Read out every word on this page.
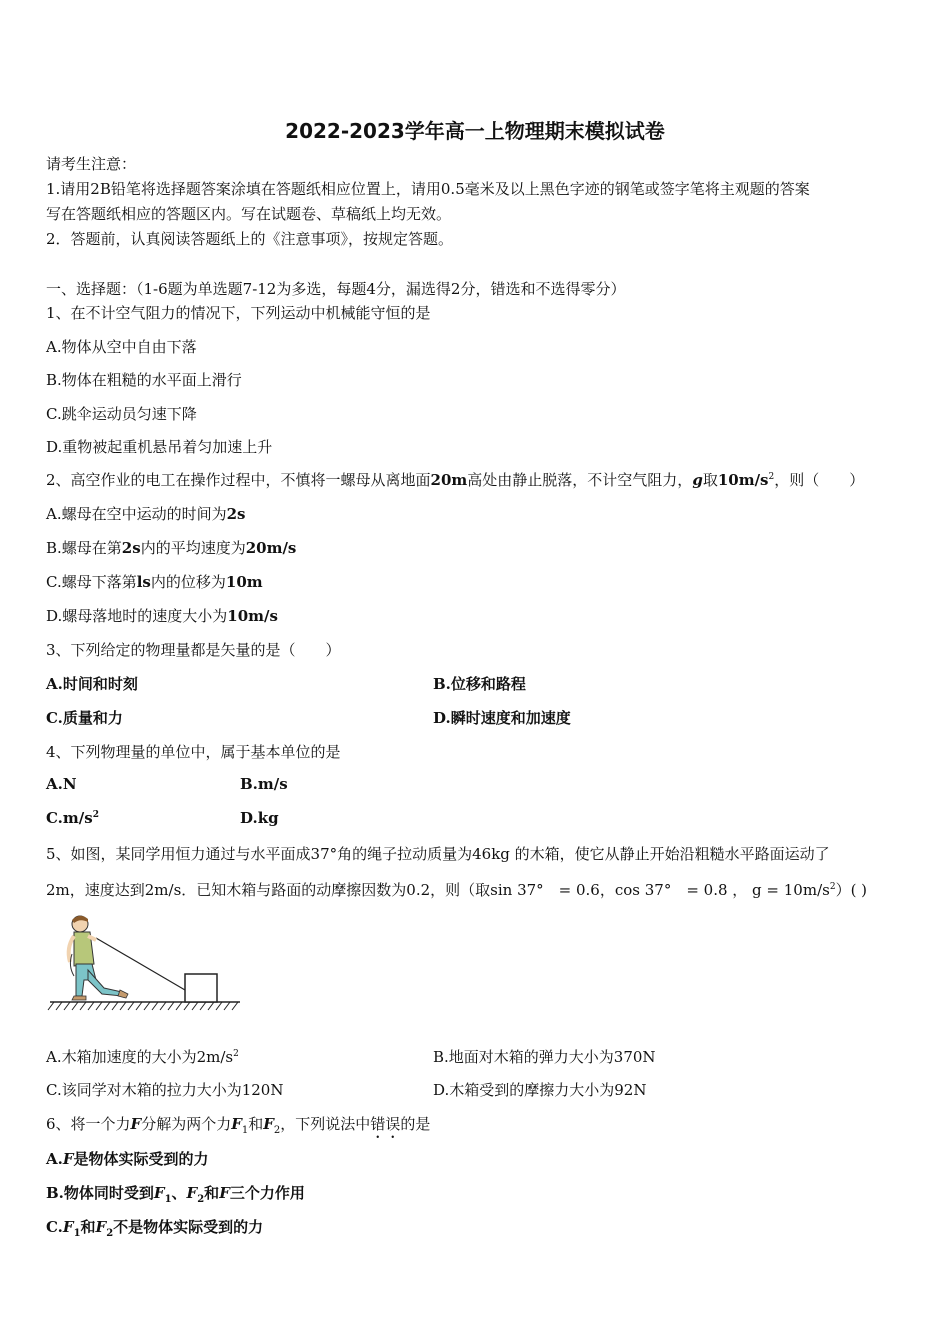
2022-2023学年高一上物理期末模拟试卷
请考生注意：
1.请用2B铅笔将选择题答案涂填在答题纸相应位置上，请用0.5毫米及以上黑色字迹的钢笔或签字笔将主观题的答案
写在答题纸相应的答题区内。写在试题卷、草稿纸上均无效。
2．答题前，认真阅读答题纸上的《注意事项》，按规定答题。
一、选择题：（1-6题为单选题7-12为多选，每题4分，漏选得2分，错选和不选得零分）
1、在不计空气阻力的情况下，下列运动中机械能守恒的是
A.物体从空中自由下落
B.物体在粗糙的水平面上滑行
C.跳伞运动员匀速下降
D.重物被起重机悬吊着匀加速上升
2、高空作业的电工在操作过程中，不慎将一螺母从离地面20m高处由静止脱落，不计空气阻力，g取$10m/s^2$，则（　　）
A.螺母在空中运动的时间为2s
B.螺母在第2s内的平均速度为20m/s
C.螺母下落第ls内的位移为10m
D.螺母落地时的速度大小为10m/s
3、下列给定的物理量都是矢量的是（　　）
A.时间和时刻	B.位移和路程
C.质量和力	D.瞬时速度和加速度
4、下列物理量的单位中，属于基本单位的是
A.N	B.m/s
$C.m/s^2$	D.kg
5、如图，某同学用恒力通过与水平面成37°角的绳子拉动质量为46kg 的木箱，使它从静止开始沿粗糙水平路面运动了
2m，速度达到2m/s．已知木箱与路面的动摩擦因数为0.2，则（取sin 37°　= 0.6，cos 37°　= 0.8 ， $g = 10m/s^2$）( )
A.木箱加速度的大小为$2m/s^2$	B.地面对木箱的弹力大小为370N
C.该同学对木箱的拉力大小为120N	D.木箱受到的摩擦力大小为92N
6、将一个力F分解为两个力$F_1$和$F_2$，下列说法中错误的是
A.F是物体实际受到的力
B.物体同时受到$F_1$、$F_2$和F三个力作用
$C.F_1$和$F_2$不是物体实际受到的力
